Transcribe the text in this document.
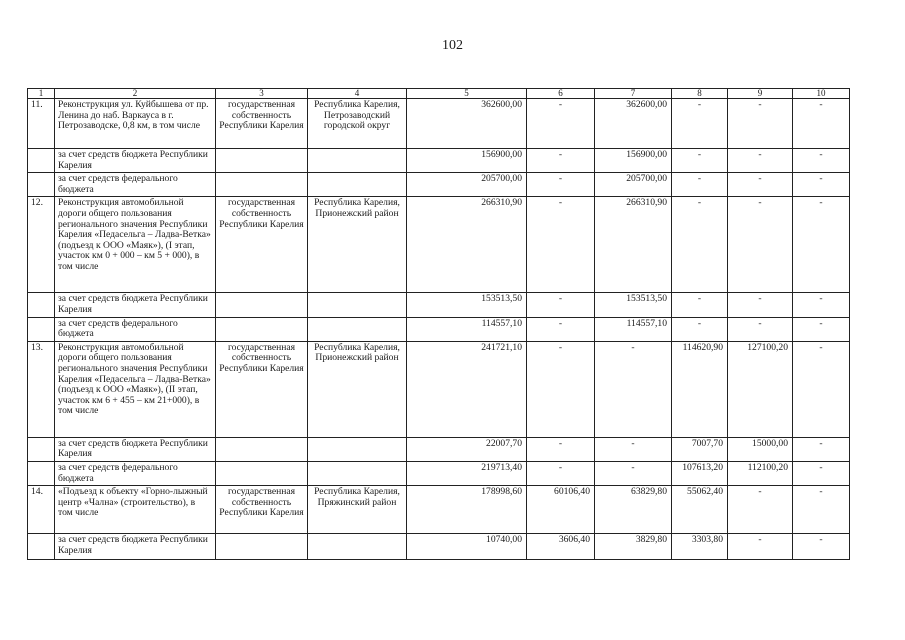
102
1	2	3	4	5	6	7	8	9	10
11.	Реконструкция ул. Куйбышева от пр. Ленина до наб. Варкауса в г. Петрозаводске, 0,8 км, в том числе	государственная собственность Республики Карелия	Республика Карелия, Петрозаводский городской округ	362600,00	-	362600,00	-	-	-
	за счет средств бюджета Республики Карелия			156900,00	-	156900,00	-	-	-
	за счет средств федерального бюджета			205700,00	-	205700,00	-	-	-
12.	Реконструкция автомобильной дороги общего пользования регионального значения Республики Карелия «Педасельга – Ладва-Ветка» (подъезд к ООО «Маяк»), (I этап, участок км 0 + 000 – км 5 + 000), в том числе	государственная собственность Республики Карелия	Республика Карелия, Прионежский район	266310,90	-	266310,90	-	-	-
	за счет средств бюджета Республики Карелия			153513,50	-	153513,50	-	-	-
	за счет средств федерального бюджета			114557,10	-	114557,10	-	-	-
13.	Реконструкция автомобильной дороги общего пользования регионального значения Республики Карелия «Педасельга – Ладва-Ветка» (подъезд к ООО «Маяк»), (II этап, участок км 6 + 455 – км 21+000), в том числе	государственная собственность Республики Карелия	Республика Карелия, Прионежский район	241721,10	-	-	114620,90	127100,20	-
	за счет средств бюджета Республики Карелия			22007,70	-	-	7007,70	15000,00	-
	за счет средств федерального бюджета			219713,40	-	-	107613,20	112100,20	-
14.	«Подъезд к объекту «Горно-лыжный центр «Чална» (строительство), в том числе	государственная собственность Республики Карелия	Республика Карелия, Пряжинский район	178998,60	60106,40	63829,80	55062,40	-	-
	за счет средств бюджета Республики Карелия			10740,00	3606,40	3829,80	3303,80	-	-
